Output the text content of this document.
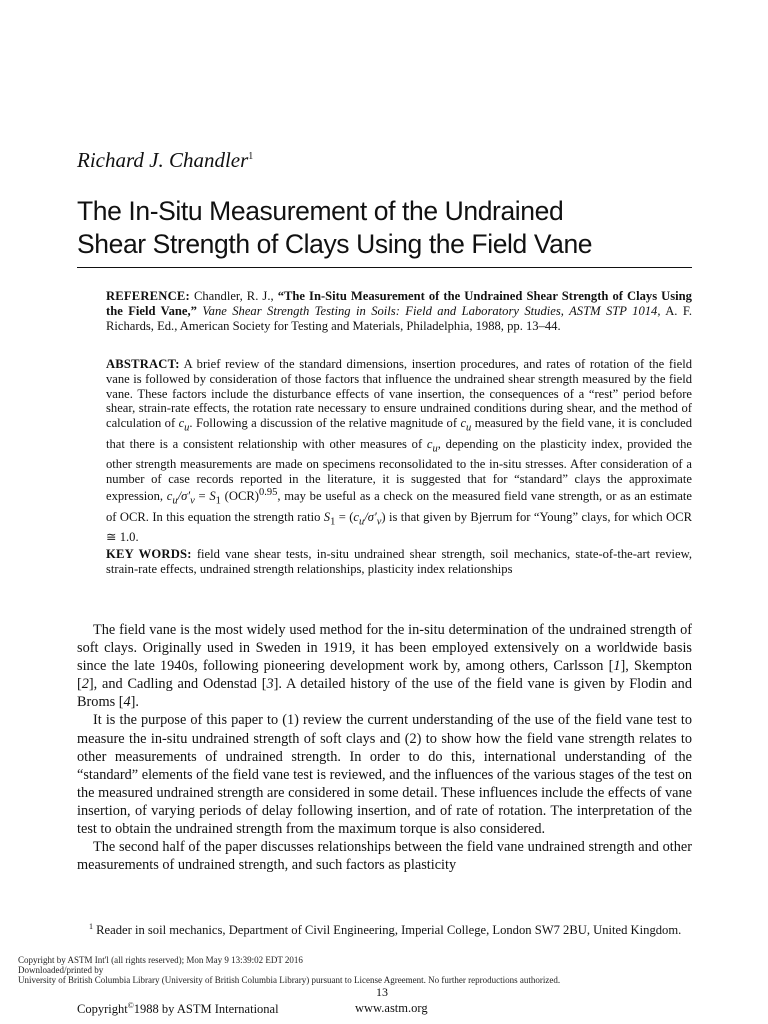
Richard J. Chandler$^1$
The In-Situ Measurement of the Undrained
Shear Strength of Clays Using the Field Vane
REFERENCE: Chandler, R. J., “The In-Situ Measurement of the Undrained Shear Strength of Clays Using the Field Vane,” Vane Shear Strength Testing in Soils: Field and Laboratory Studies, ASTM STP 1014, A. F. Richards, Ed., American Society for Testing and Materials, Philadelphia, 1988, pp. 13–44.
ABSTRACT: A brief review of the standard dimensions, insertion procedures, and rates of rotation of the field vane is followed by consideration of those factors that influence the undrained shear strength measured by the field vane. These factors include the disturbance effects of vane insertion, the consequences of a “rest” period before shear, strain-rate effects, the rotation rate necessary to ensure undrained conditions during shear, and the method of calculation of $c_u$. Following a discussion of the relative magnitude of $c_u$ measured by the field vane, it is concluded that there is a consistent relationship with other measures of $c_u$, depending on the plasticity index, provided the other strength measurements are made on specimens reconsolidated to the in-situ stresses. After consideration of a number of case records reported in the literature, it is suggested that for “standard” clays the approximate expression, $c_u/\sigma'_v = S_1$ (OCR)$^{0.95}$, may be useful as a check on the measured field vane strength, or as an estimate of OCR. In this equation the strength ratio $S_1 = (c_u/\sigma'_v)$ is that given by Bjerrum for “Young” clays, for which OCR ≅ 1.0.
KEY WORDS: field vane shear tests, in-situ undrained shear strength, soil mechanics, state-of-the-art review, strain-rate effects, undrained strength relationships, plasticity index relationships

The field vane is the most widely used method for the in-situ determination of the undrained strength of soft clays. Originally used in Sweden in 1919, it has been employed extensively on a worldwide basis since the late 1940s, following pioneering development work by, among others, Carlsson [1], Skempton [2], and Cadling and Odenstad [3]. A detailed history of the use of the field vane is given by Flodin and Broms [4].

It is the purpose of this paper to (1) review the current understanding of the use of the field vane test to measure the in-situ undrained strength of soft clays and (2) to show how the field vane strength relates to other measurements of undrained strength. In order to do this, international understanding of the “standard” elements of the field vane test is reviewed, and the influences of the various stages of the test on the measured undrained strength are considered in some detail. These influences include the effects of vane insertion, of varying periods of delay following insertion, and of rate of rotation. The interpretation of the test to obtain the undrained strength from the maximum torque is also considered.

The second half of the paper discusses relationships between the field vane undrained strength and other measurements of undrained strength, and such factors as plasticity

$^1$ Reader in soil mechanics, Department of Civil Engineering, Imperial College, London SW7 2BU, United Kingdom.
Copyright by ASTM Int'l (all rights reserved); Mon May 9 13:39:02 EDT 2016
Downloaded/printed by
University of British Columbia Library (University of British Columbia Library) pursuant to License Agreement. No further reproductions authorized.
13
Copyright©1988 by ASTM International	www.astm.org
